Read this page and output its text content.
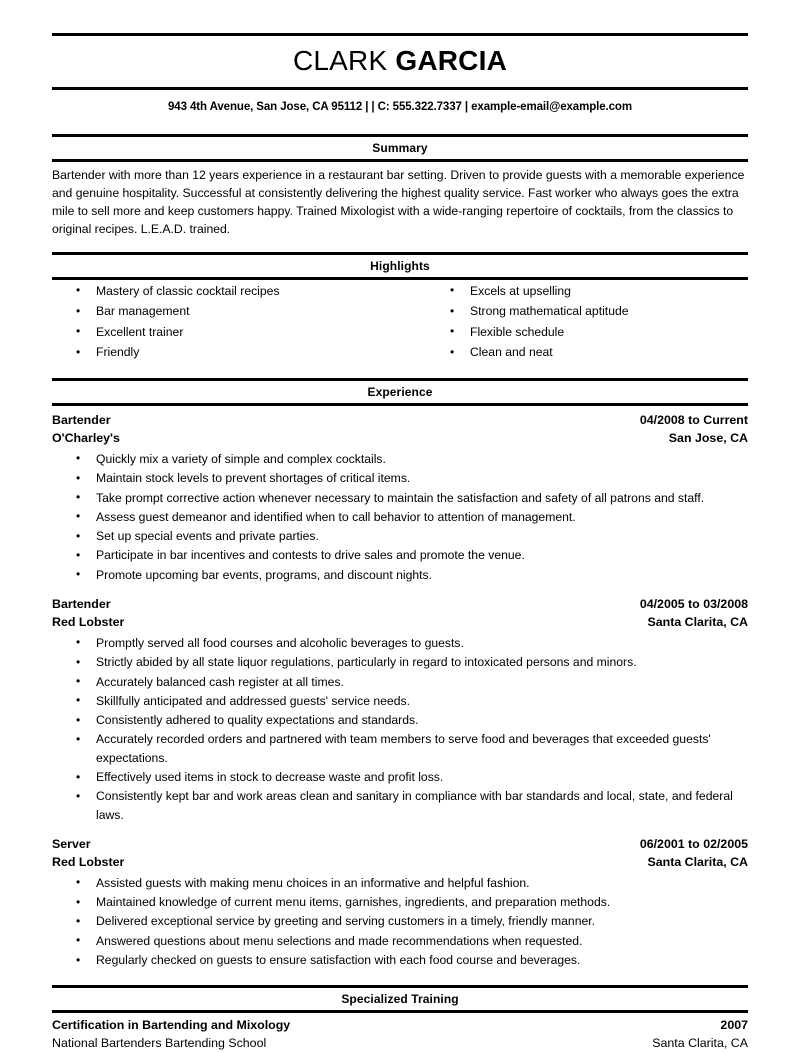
CLARK GARCIA
943 4th Avenue, San Jose, CA 95112 | | C: 555.322.7337 | example-email@example.com
Summary
Bartender with more than 12 years experience in a restaurant bar setting. Driven to provide guests with a memorable experience and genuine hospitality. Successful at consistently delivering the highest quality service. Fast worker who always goes the extra mile to sell more and keep customers happy. Trained Mixologist with a wide-ranging repertoire of cocktails, from the classics to original recipes. L.E.A.D. trained.
Highlights
• Mastery of classic cocktail recipes
• Bar management
• Excellent trainer
• Friendly
• Excels at upselling
• Strong mathematical aptitude
• Flexible schedule
• Clean and neat
Experience
Bartender	04/2008 to Current
O'Charley's	San Jose, CA
• Quickly mix a variety of simple and complex cocktails.
• Maintain stock levels to prevent shortages of critical items.
• Take prompt corrective action whenever necessary to maintain the satisfaction and safety of all patrons and staff.
• Assess guest demeanor and identified when to call behavior to attention of management.
• Set up special events and private parties.
• Participate in bar incentives and contests to drive sales and promote the venue.
• Promote upcoming bar events, programs, and discount nights.
Bartender	04/2005 to 03/2008
Red Lobster	Santa Clarita, CA
• Promptly served all food courses and alcoholic beverages to guests.
• Strictly abided by all state liquor regulations, particularly in regard to intoxicated persons and minors.
• Accurately balanced cash register at all times.
• Skillfully anticipated and addressed guests' service needs.
• Consistently adhered to quality expectations and standards.
• Accurately recorded orders and partnered with team members to serve food and beverages that exceeded guests' expectations.
• Effectively used items in stock to decrease waste and profit loss.
• Consistently kept bar and work areas clean and sanitary in compliance with bar standards and local, state, and federal laws.
Server	06/2001 to 02/2005
Red Lobster	Santa Clarita, CA
• Assisted guests with making menu choices in an informative and helpful fashion.
• Maintained knowledge of current menu items, garnishes, ingredients, and preparation methods.
• Delivered exceptional service by greeting and serving customers in a timely, friendly manner.
• Answered questions about menu selections and made recommendations when requested.
• Regularly checked on guests to ensure satisfaction with each food course and beverages.
Specialized Training
Certification in Bartending and Mixology	2007
National Bartenders Bartending School	Santa Clarita, CA
